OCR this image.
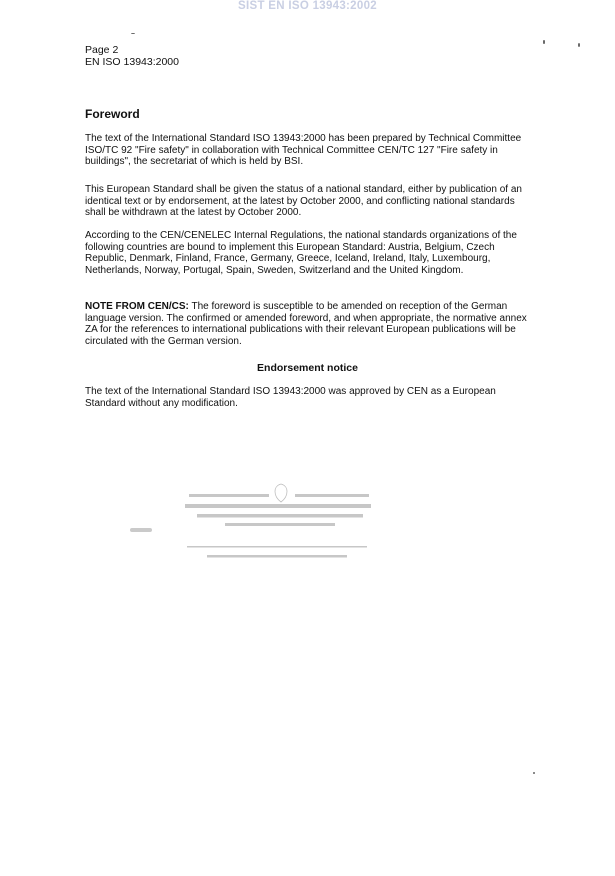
SIST EN ISO 13943:2002
Page 2
EN ISO 13943:2000
Foreword

The text of the International Standard ISO 13943:2000 has been prepared by Technical Committee ISO/TC 92 "Fire safety" in collaboration with Technical Committee CEN/TC 127 "Fire safety in buildings", the secretariat of which is held by BSI.

This European Standard shall be given the status of a national standard, either by publication of an identical text or by endorsement, at the latest by October 2000, and conflicting national standards shall be withdrawn at the latest by October 2000.

According to the CEN/CENELEC Internal Regulations, the national standards organizations of the following countries are bound to implement this European Standard: Austria, Belgium, Czech Republic, Denmark, Finland, France, Germany, Greece, Iceland, Ireland, Italy, Luxembourg, Netherlands, Norway, Portugal, Spain, Sweden, Switzerland and the United Kingdom.

NOTE FROM CEN/CS: The foreword is susceptible to be amended on reception of the German language version. The confirmed or amended foreword, and when appropriate, the normative annex ZA for the references to international publications with their relevant European publications will be circulated with the German version.

Endorsement notice

The text of the International Standard ISO 13943:2000 was approved by CEN as a European Standard without any modification.
